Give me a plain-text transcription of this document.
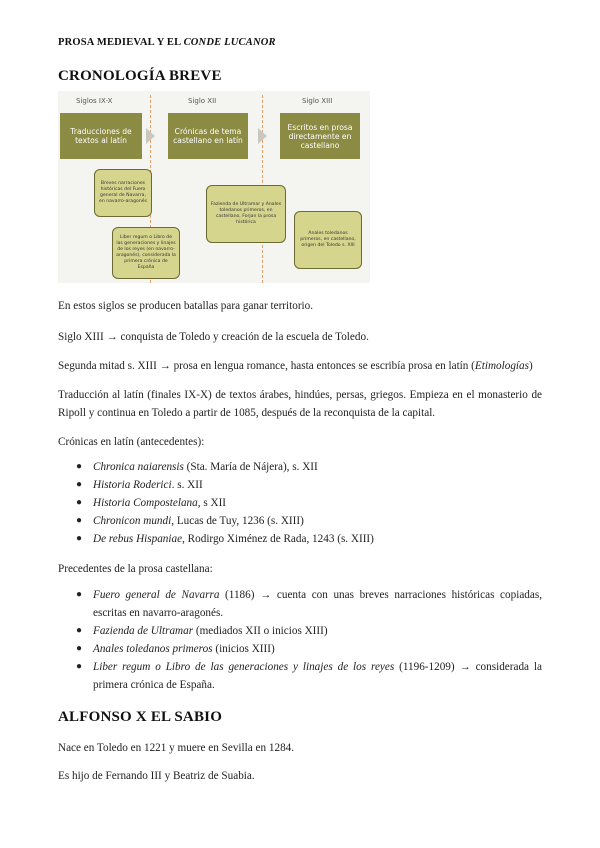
PROSA MEDIEVAL Y EL CONDE LUCANOR
CRONOLOGÍA BREVE
Siglos IX-X	Siglo XII	Siglo XIII
Traducciones de textos al latín
Crónicas de tema castellano en latín
Escritos en prosa directamente en castellano
Breves narraciones históricas del Fuero general de Navarra, en navarro-aragonés
Liber regum o Libro de las generaciones y linajes de los reyes (en navarro-aragonés), considerada la primera crónica de España
Fazienda de Ultramar y Anales toledanos primeros, en castellano, Forjan la prosa histórica
Anales toledanos primeros, en castellano, origen del Toledo s. XIII

En estos siglos se producen batallas para ganar territorio.

Siglo XIII → conquista de Toledo y creación de la escuela de Toledo.

Segunda mitad s. XIII → prosa en lengua romance, hasta entonces se escribía prosa en latín (Etimologías)

Traducción al latín (finales IX-X) de textos árabes, hindúes, persas, griegos. Empieza en el monasterio de Ripoll y continua en Toledo a partir de 1085, después de la reconquista de la capital.

Crónicas en latín (antecedentes):

● Chronica naiarensis (Sta. María de Nájera), s. XII
● Historia Roderici. s. XII
● Historia Compostelana, s XII
● Chronicon mundi, Lucas de Tuy, 1236 (s. XIII)
● De rebus Hispaniae, Rodirgo Ximénez de Rada, 1243 (s. XIII)

Precedentes de la prosa castellana:

● Fuero general de Navarra (1186) → cuenta con unas breves narraciones históricas copiadas, escritas en navarro-aragonés.
● Fazienda de Ultramar (mediados XII o inicios XIII)
● Anales toledanos primeros (inicios XIII)
● Liber regum o Libro de las generaciones y linajes de los reyes (1196-1209) → considerada la primera crónica de España.
ALFONSO X EL SABIO

Nace en Toledo en 1221 y muere en Sevilla en 1284.

Es hijo de Fernando III y Beatriz de Suabia.
